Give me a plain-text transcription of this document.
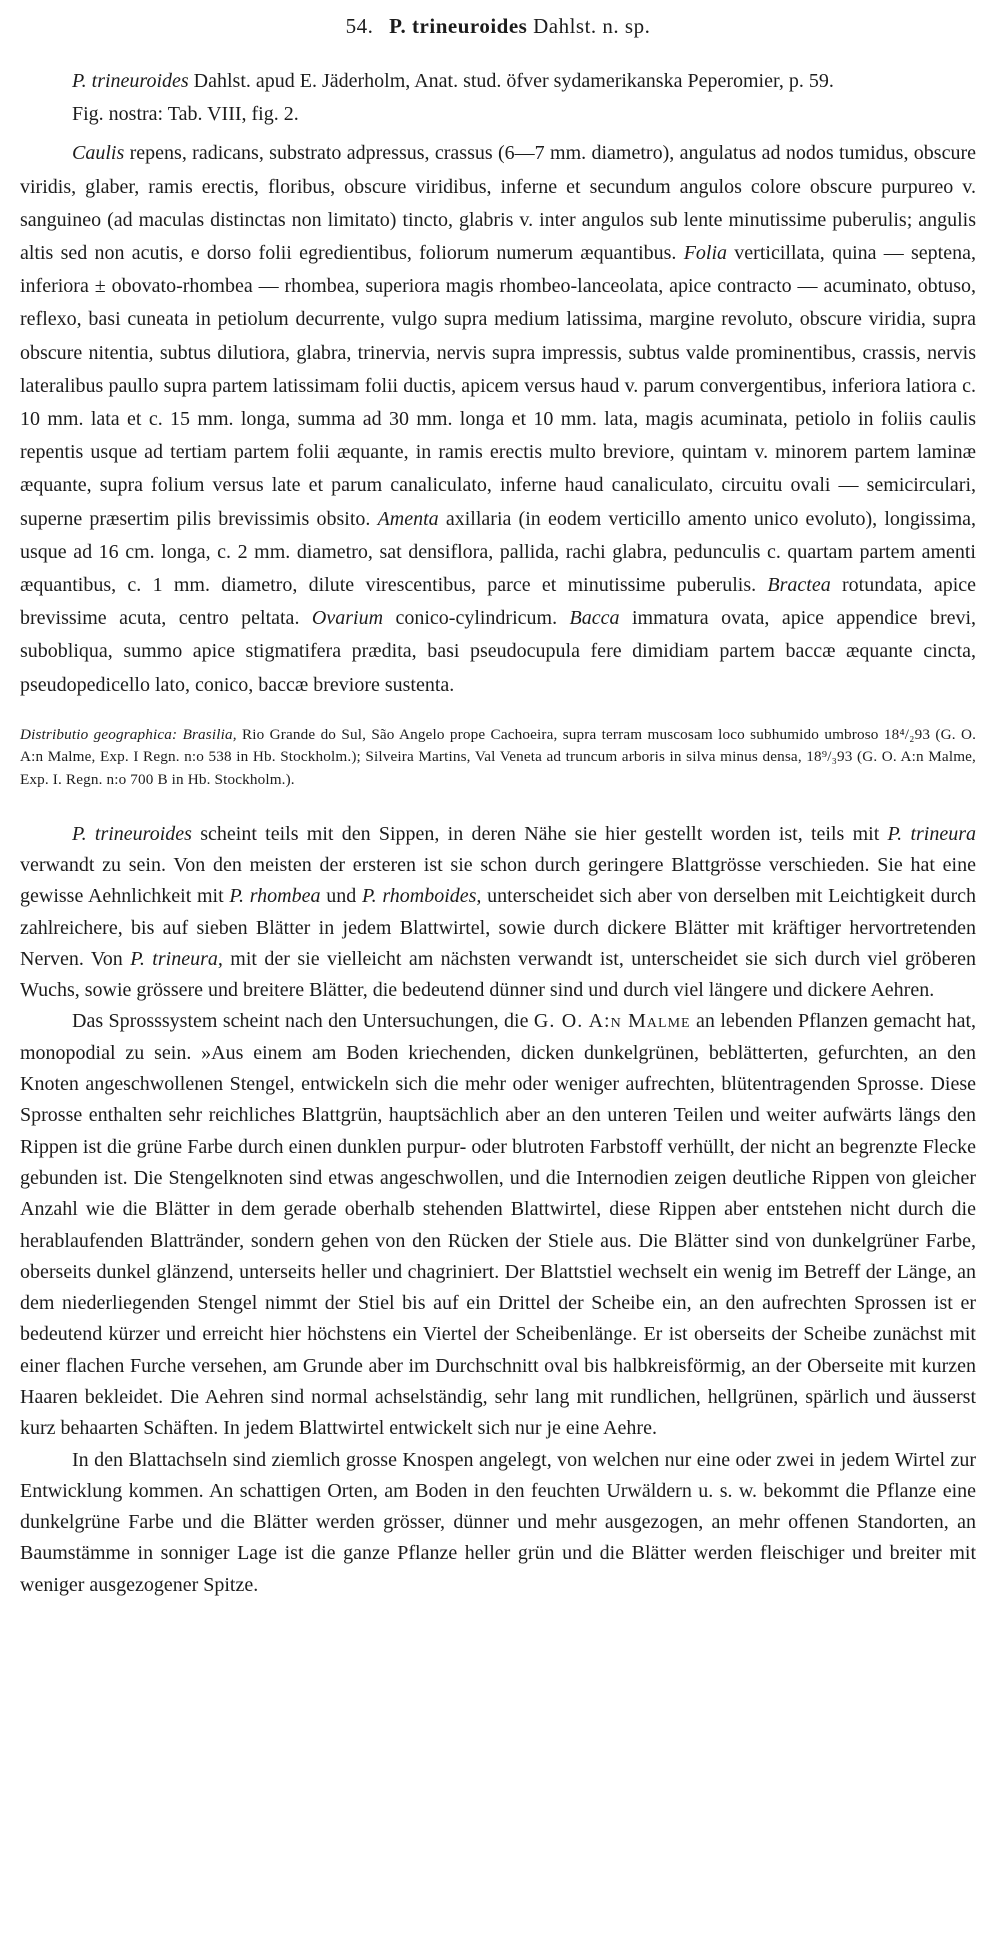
54. P. trineuroides Dahlst. n. sp.

P. trineuroides Dahlst. apud E. Jäderholm, Anat. stud. öfver sydamerikanska Peperomier, p. 59.

Fig. nostra: Tab. VIII, fig. 2.

Caulis repens, radicans, substrato adpressus, crassus (6—7 mm. diametro), angulatus ad nodos tumidus, obscure viridis, glaber, ramis erectis, floribus, obscure viridibus, inferne et secundum angulos colore obscure purpureo v. sanguineo (ad maculas distinctas non limitato) tincto, glabris v. inter angulos sub lente minutissime puberulis; angulis altis sed non acutis, e dorso folii egredientibus, foliorum numerum æquantibus. Folia verticillata, quina — septena, inferiora ± obovato-rhombea — rhombea, superiora magis rhombeo-lanceolata, apice contracto — acuminato, obtuso, reflexo, basi cuneata in petiolum decurrente, vulgo supra medium latissima, margine revoluto, obscure viridia, supra obscure nitentia, subtus dilutiora, glabra, trinervia, nervis supra impressis, subtus valde prominentibus, crassis, nervis lateralibus paullo supra partem latissimam folii ductis, apicem versus haud v. parum convergentibus, inferiora latiora c. 10 mm. lata et c. 15 mm. longa, summa ad 30 mm. longa et 10 mm. lata, magis acuminata, petiolo in foliis caulis repentis usque ad tertiam partem folii æquante, in ramis erectis multo breviore, quintam v. minorem partem laminæ æquante, supra folium versus late et parum canaliculato, inferne haud canaliculato, circuitu ovali — semicirculari, superne præsertim pilis brevissimis obsito. Amenta axillaria (in eodem verticillo amento unico evoluto), longissima, usque ad 16 cm. longa, c. 2 mm. diametro, sat densiflora, pallida, rachi glabra, pedunculis c. quartam partem amenti æquantibus, c. 1 mm. diametro, dilute virescentibus, parce et minutissime puberulis. Bractea rotundata, apice brevissime acuta, centro peltata. Ovarium conico-cylindricum. Bacca immatura ovata, apice appendice brevi, subobliqua, summo apice stigmatifera prædita, basi pseudocupula fere dimidiam partem baccæ æquante cincta, pseudopedicello lato, conico, baccæ breviore sustenta.

Distributio geographica: Brasilia, Rio Grande do Sul, São Angelo prope Cachoeira, supra terram muscosam loco subhumido umbroso 18⁴/₂93 (G. O. A:n Malme, Exp. I Regn. n:o 538 in Hb. Stockholm.); Silveira Martins, Val Veneta ad truncum arboris in silva minus densa, 18⁹/₃93 (G. O. A:n Malme, Exp. I. Regn. n:o 700 B in Hb. Stockholm.).

P. trineuroides scheint teils mit den Sippen, in deren Nähe sie hier gestellt worden ist, teils mit P. trineura verwandt zu sein. Von den meisten der ersteren ist sie schon durch geringere Blattgrösse verschieden. Sie hat eine gewisse Aehnlichkeit mit P. rhombea und P. rhomboides, unterscheidet sich aber von derselben mit Leichtigkeit durch zahlreichere, bis auf sieben Blätter in jedem Blattwirtel, sowie durch dickere Blätter mit kräftiger hervortretenden Nerven. Von P. trineura, mit der sie vielleicht am nächsten verwandt ist, unterscheidet sie sich durch viel gröberen Wuchs, sowie grössere und breitere Blätter, die bedeutend dünner sind und durch viel längere und dickere Aehren.

Das Sprosssystem scheint nach den Untersuchungen, die G. O. A:n Malme an lebenden Pflanzen gemacht hat, monopodial zu sein. »Aus einem am Boden kriechenden, dicken dunkelgrünen, beblätterten, gefurchten, an den Knoten angeschwollenen Stengel, entwickeln sich die mehr oder weniger aufrechten, blütentragenden Sprosse. Diese Sprosse enthalten sehr reichliches Blattgrün, hauptsächlich aber an den unteren Teilen und weiter aufwärts längs den Rippen ist die grüne Farbe durch einen dunklen purpur- oder blutroten Farbstoff verhüllt, der nicht an begrenzte Flecke gebunden ist. Die Stengelknoten sind etwas angeschwollen, und die Internodien zeigen deutliche Rippen von gleicher Anzahl wie die Blätter in dem gerade oberhalb stehenden Blattwirtel, diese Rippen aber entstehen nicht durch die herablaufenden Blattränder, sondern gehen von den Rücken der Stiele aus. Die Blätter sind von dunkelgrüner Farbe, oberseits dunkel glänzend, unterseits heller und chagriniert. Der Blattstiel wechselt ein wenig im Betreff der Länge, an dem niederliegenden Stengel nimmt der Stiel bis auf ein Drittel der Scheibe ein, an den aufrechten Sprossen ist er bedeutend kürzer und erreicht hier höchstens ein Viertel der Scheibenlänge. Er ist oberseits der Scheibe zunächst mit einer flachen Furche versehen, am Grunde aber im Durchschnitt oval bis halbkreisförmig, an der Oberseite mit kurzen Haaren bekleidet. Die Aehren sind normal achselständig, sehr lang mit rundlichen, hellgrünen, spärlich und äusserst kurz behaarten Schäften. In jedem Blattwirtel entwickelt sich nur je eine Aehre.

In den Blattachseln sind ziemlich grosse Knospen angelegt, von welchen nur eine oder zwei in jedem Wirtel zur Entwicklung kommen. An schattigen Orten, am Boden in den feuchten Urwäldern u. s. w. bekommt die Pflanze eine dunkelgrüne Farbe und die Blätter werden grösser, dünner und mehr ausgezogen, an mehr offenen Standorten, an Baumstämme in sonniger Lage ist die ganze Pflanze heller grün und die Blätter werden fleischiger und breiter mit weniger ausgezogener Spitze.
